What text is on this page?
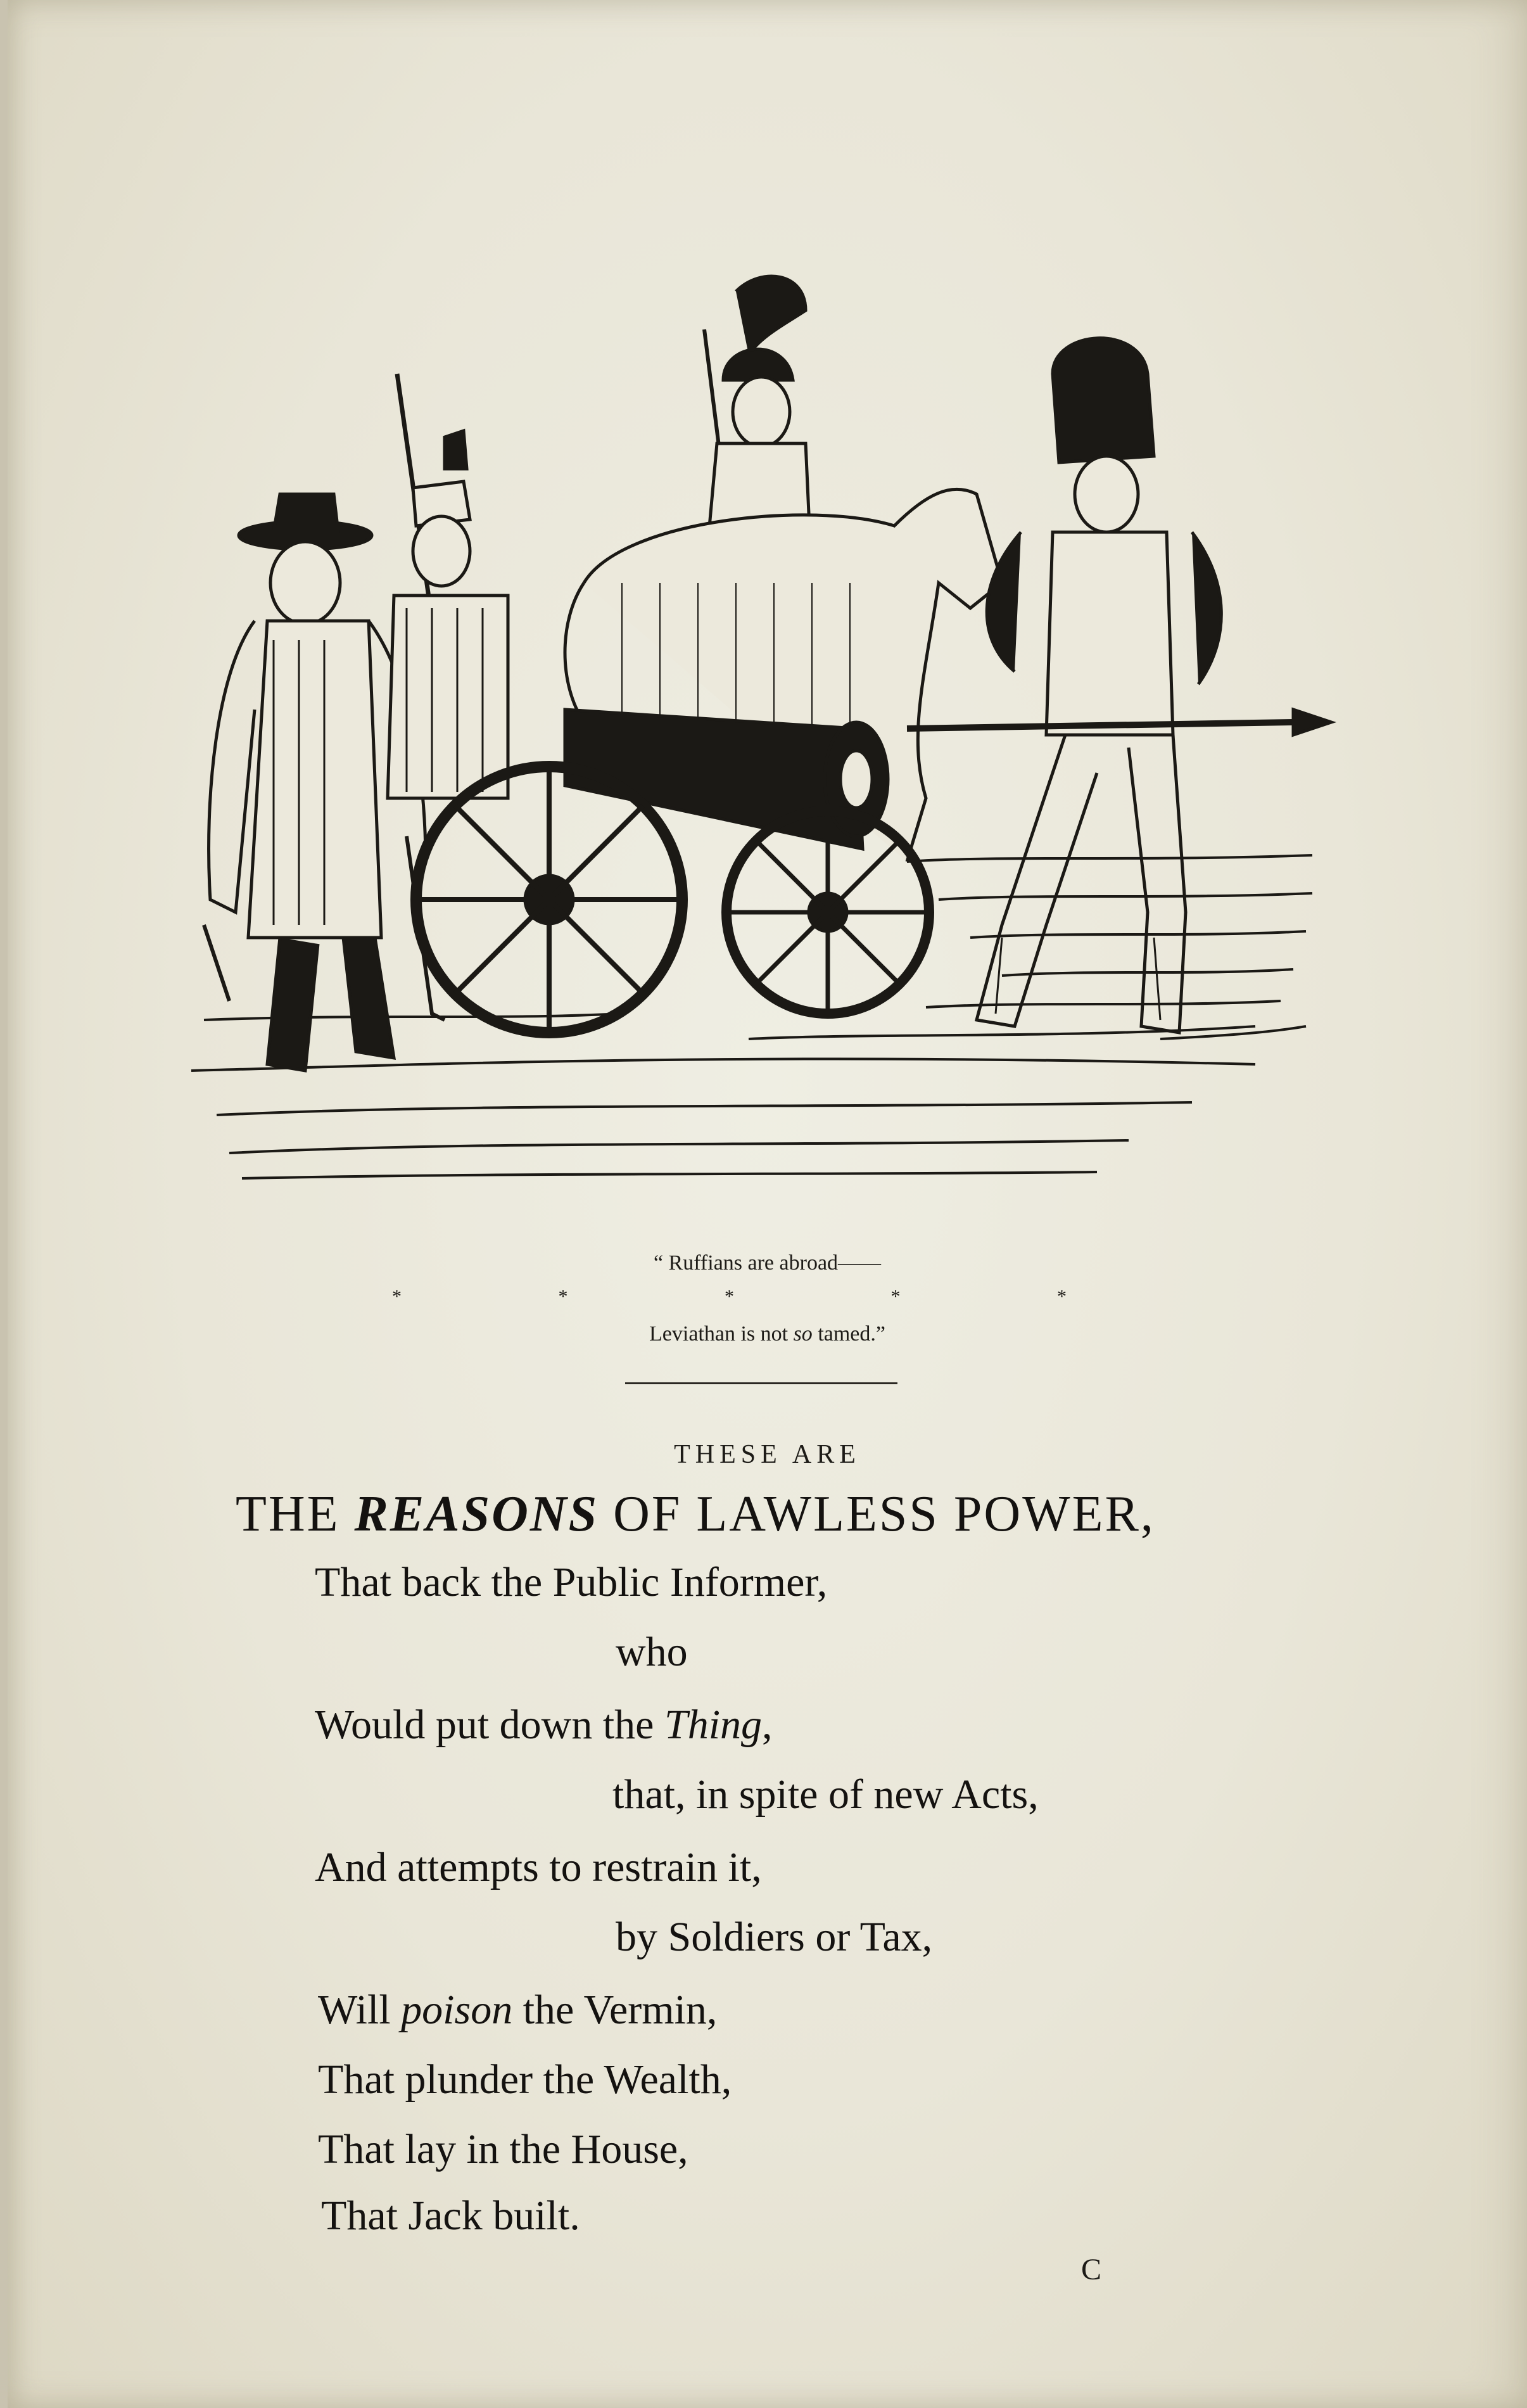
“ Ruffians are abroad——
* * * * *
Leviathan is not so tamed.”
THESE ARE
THE REASONS OF LAWLESS POWER,
That back the Public Informer,
who
Would put down the Thing,
that, in spite of new Acts,
And attempts to restrain it,
by Soldiers or Tax,
Will poison the Vermin,
That plunder the Wealth,
That lay in the House,
That Jack built.
C
